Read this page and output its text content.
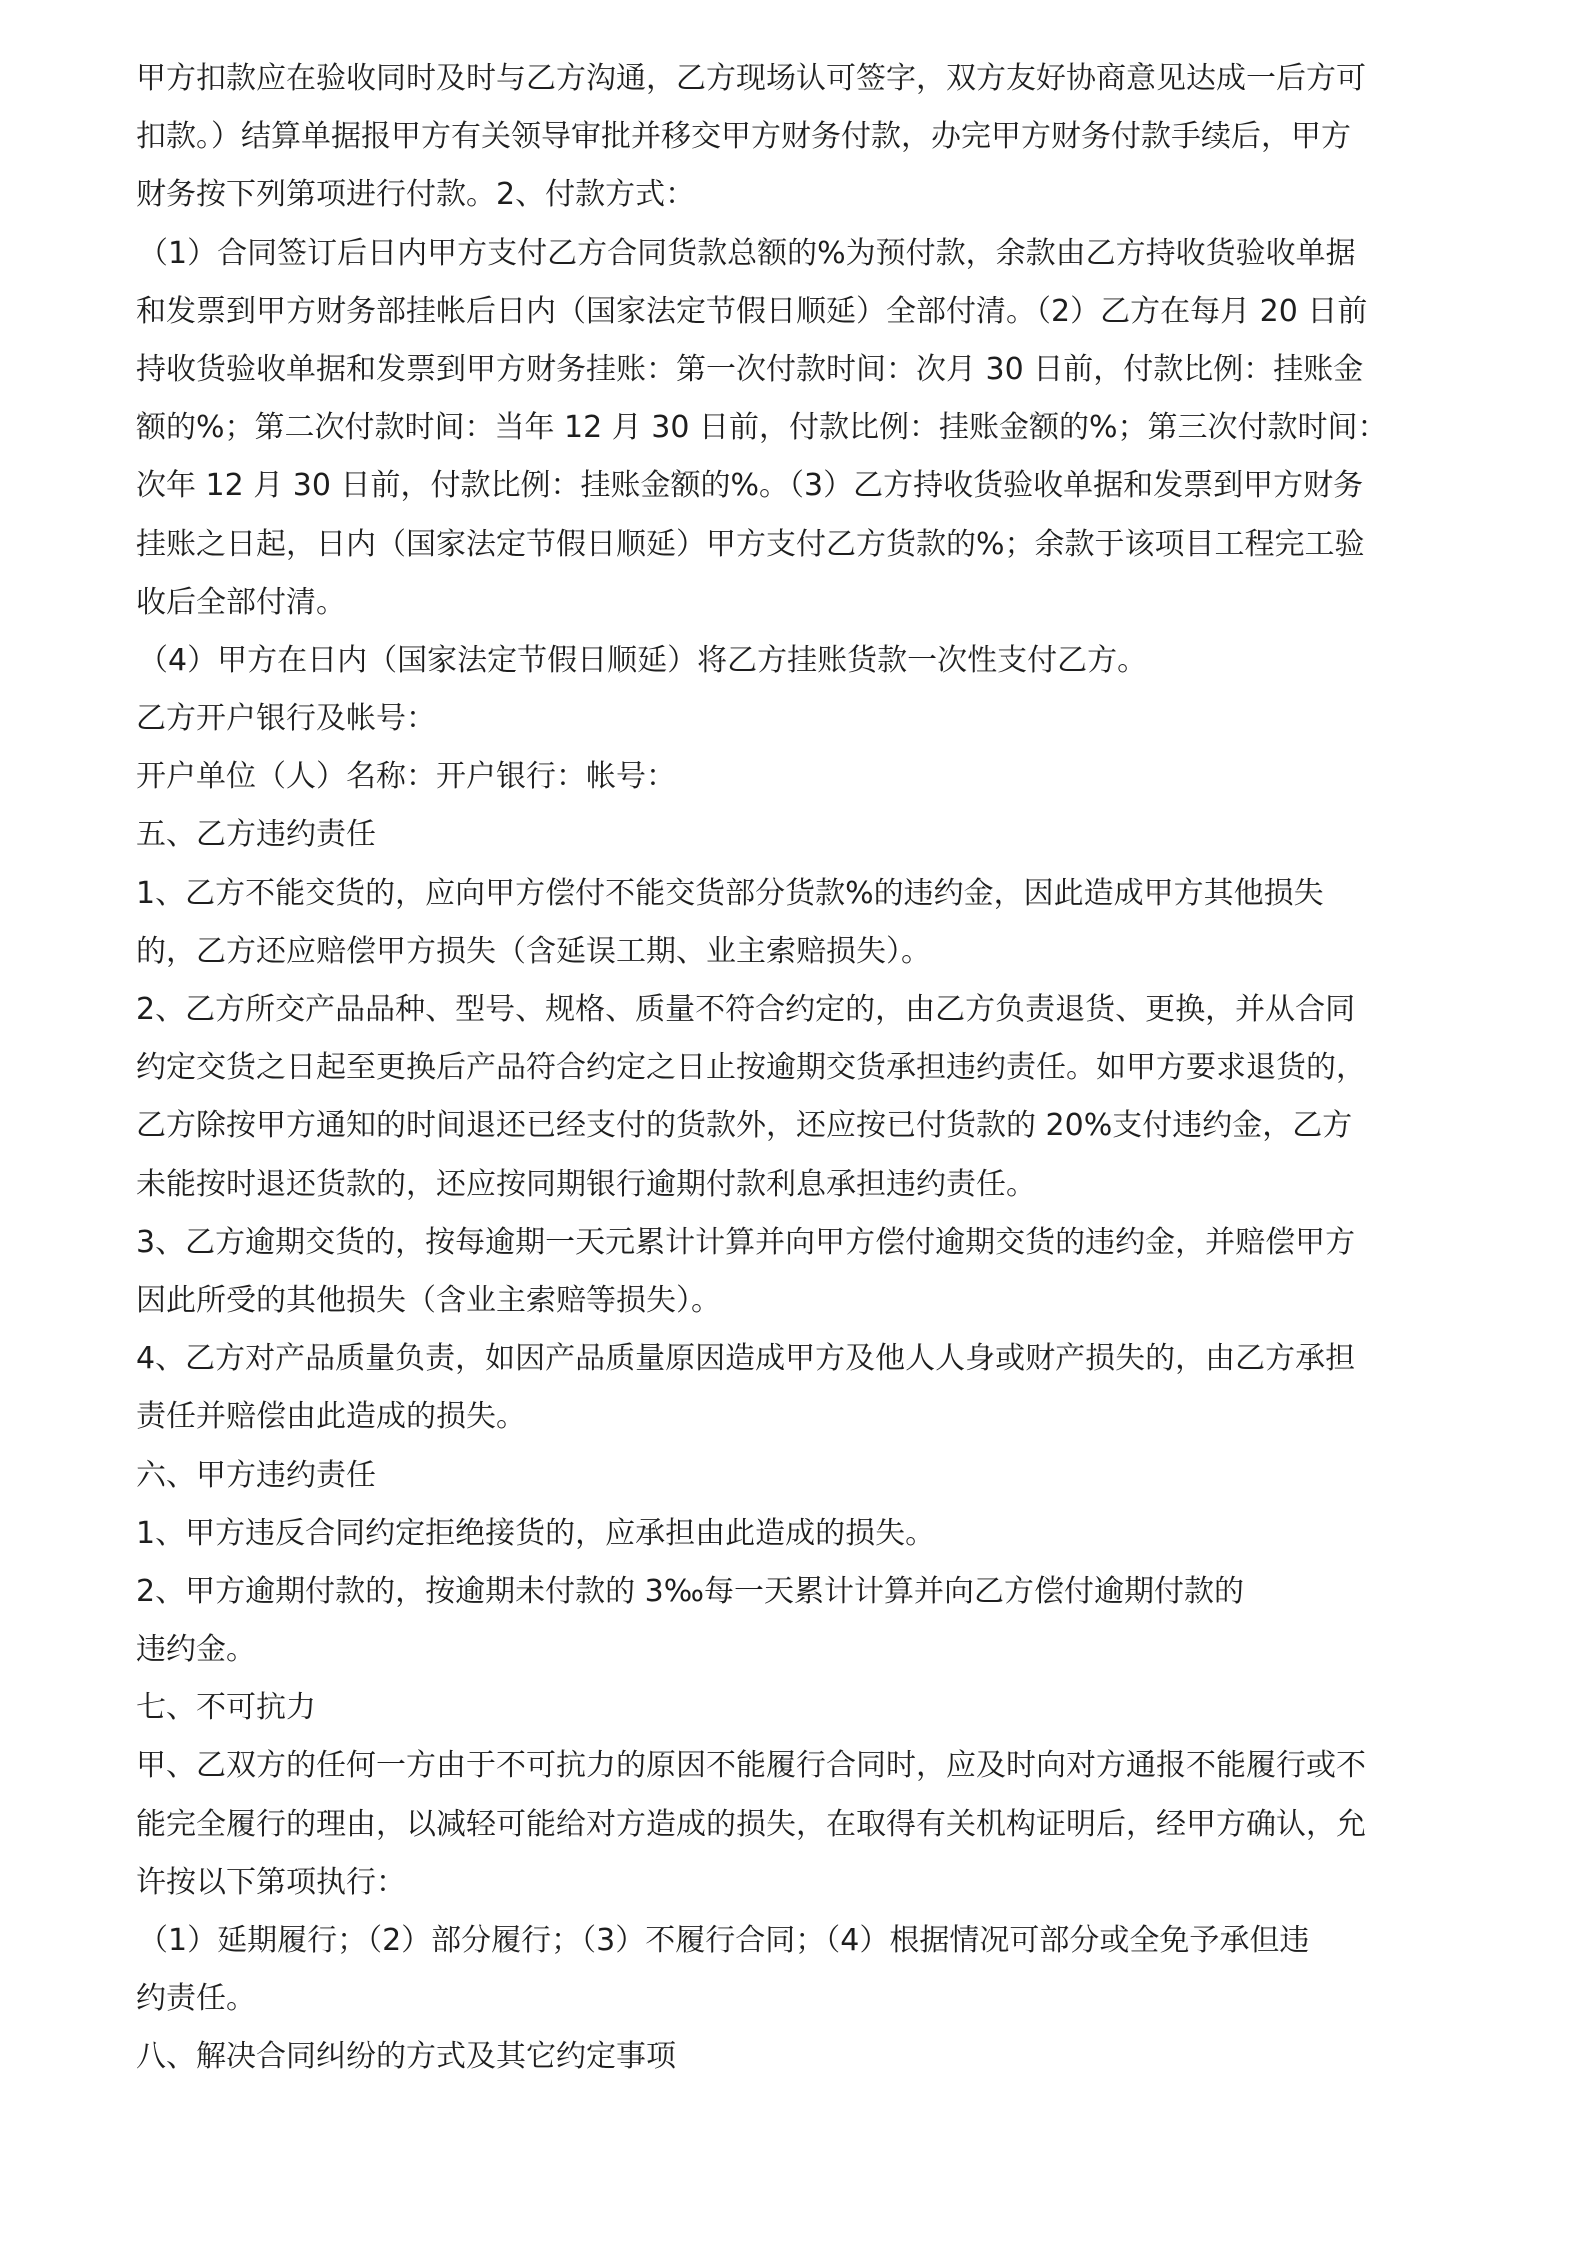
甲方扣款应在验收同时及时与乙方沟通，乙方现场认可签字，双方友好协商意见达成一后方可
扣款。）结算单据报甲方有关领导审批并移交甲方财务付款，办完甲方财务付款手续后，甲方
财务按下列第项进行付款。2、付款方式：
（1）合同签订后日内甲方支付乙方合同货款总额的%为预付款，余款由乙方持收货验收单据
和发票到甲方财务部挂帐后日内（国家法定节假日顺延）全部付清。（2）乙方在每月 20 日前
持收货验收单据和发票到甲方财务挂账：第一次付款时间：次月 30 日前，付款比例：挂账金
额的%；第二次付款时间：当年 12 月 30 日前，付款比例：挂账金额的%；第三次付款时间：
次年 12 月 30 日前，付款比例：挂账金额的%。（3）乙方持收货验收单据和发票到甲方财务
挂账之日起，日内（国家法定节假日顺延）甲方支付乙方货款的%；余款于该项目工程完工验
收后全部付清。
（4）甲方在日内（国家法定节假日顺延）将乙方挂账货款一次性支付乙方。
乙方开户银行及帐号：
开户单位（人）名称：开户银行：帐号：
五、乙方违约责任
1、乙方不能交货的，应向甲方偿付不能交货部分货款%的违约金，因此造成甲方其他损失
的，乙方还应赔偿甲方损失（含延误工期、业主索赔损失）。
2、乙方所交产品品种、型号、规格、质量不符合约定的，由乙方负责退货、更换，并从合同
约定交货之日起至更换后产品符合约定之日止按逾期交货承担违约责任。如甲方要求退货的，
乙方除按甲方通知的时间退还已经支付的货款外，还应按已付货款的 20%支付违约金，乙方
未能按时退还货款的，还应按同期银行逾期付款利息承担违约责任。
3、乙方逾期交货的，按每逾期一天元累计计算并向甲方偿付逾期交货的违约金，并赔偿甲方
因此所受的其他损失（含业主索赔等损失）。
4、乙方对产品质量负责，如因产品质量原因造成甲方及他人人身或财产损失的，由乙方承担
责任并赔偿由此造成的损失。
六、甲方违约责任
1、甲方违反合同约定拒绝接货的，应承担由此造成的损失。
2、甲方逾期付款的，按逾期未付款的 3‰每一天累计计算并向乙方偿付逾期付款的
违约金。
七、不可抗力
甲、乙双方的任何一方由于不可抗力的原因不能履行合同时，应及时向对方通报不能履行或不
能完全履行的理由，以减轻可能给对方造成的损失，在取得有关机构证明后，经甲方确认，允
许按以下第项执行：
（1）延期履行；（2）部分履行；（3）不履行合同；（4）根据情况可部分或全免予承但违
约责任。
八、解决合同纠纷的方式及其它约定事项
